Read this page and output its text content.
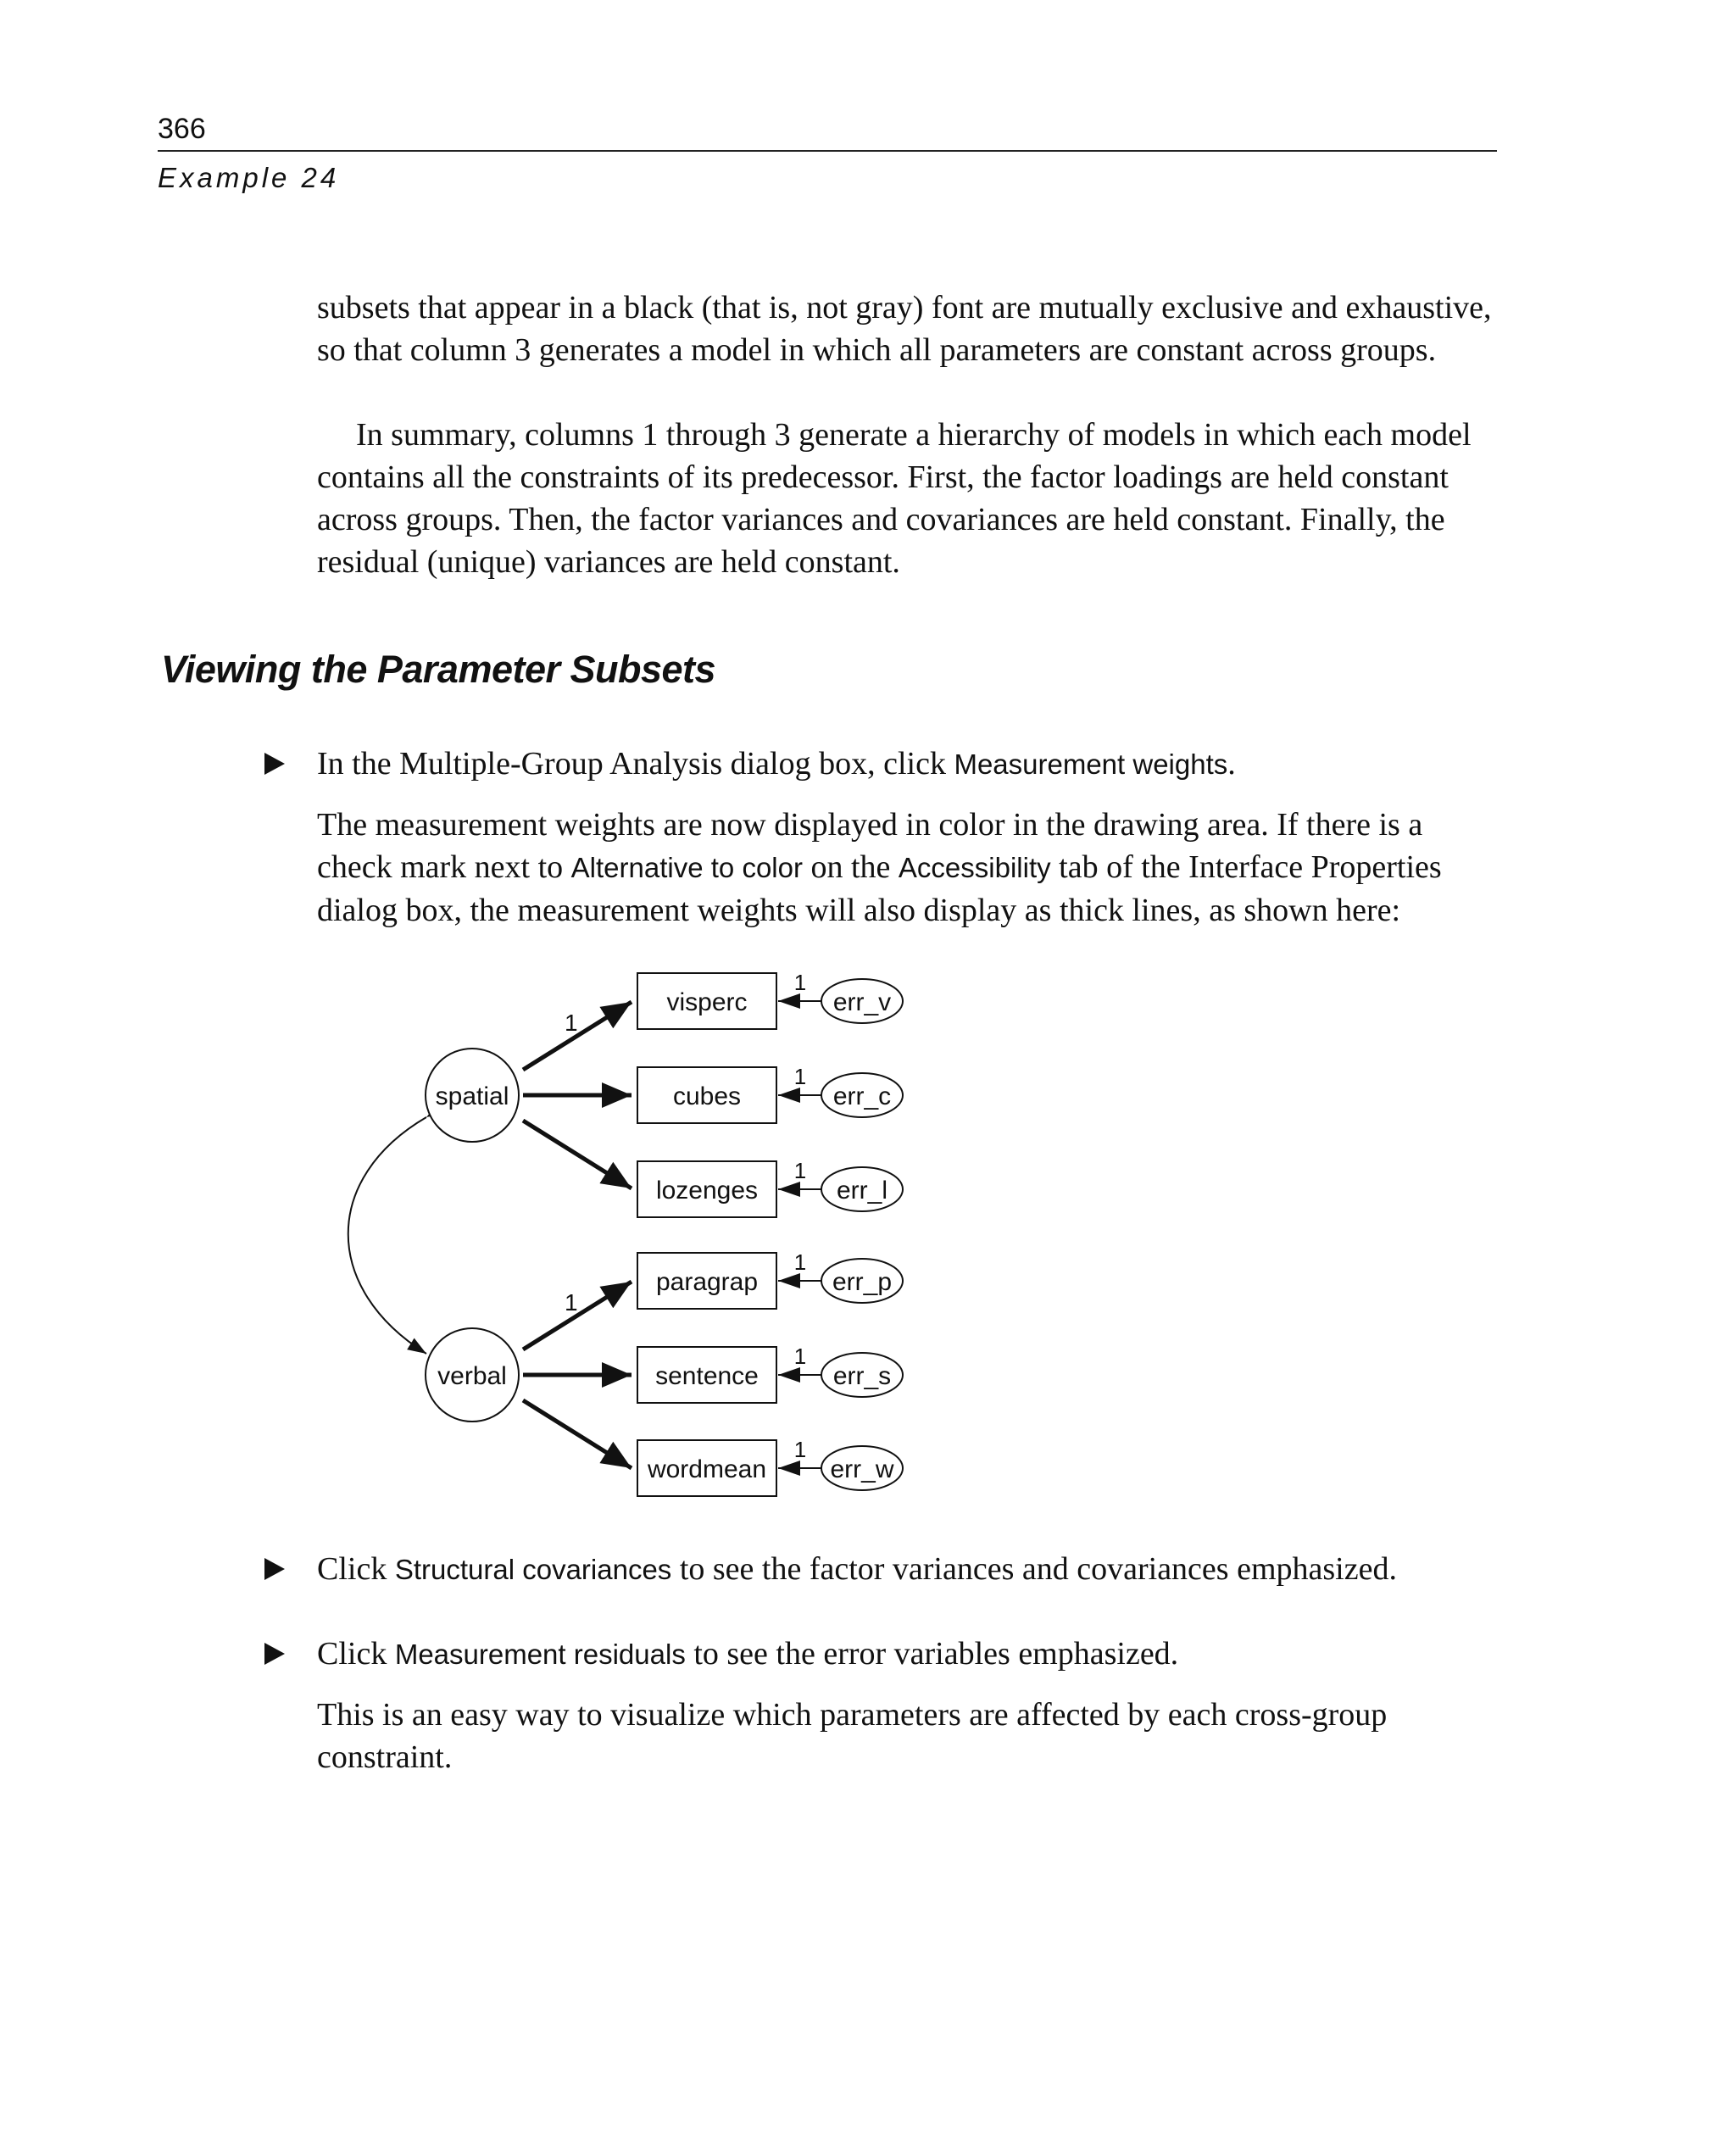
366
Example 24

subsets that appear in a black (that is, not gray) font are mutually exclusive and exhaustive, so that column 3 generates a model in which all parameters are constant across groups.

In summary, columns 1 through 3 generate a hierarchy of models in which each model contains all the constraints of its predecessor. First, the factor loadings are held constant across groups. Then, the factor variances and covariances are held constant. Finally, the residual (unique) variances are held constant.

Viewing the Parameter Subsets
In the Multiple-Group Analysis dialog box, click Measurement weights.

The measurement weights are now displayed in color in the drawing area. If there is a check mark next to Alternative to color on the Accessibility tab of the Interface Properties dialog box, the measurement weights will also display as thick lines, as shown here:

1
1
spatial
verbal
visperc
cubes
lozenges
paragrap
sentence
wordmean
1
1
1
1
1
1
err_v
err_c
err_l
err_p
err_s
err_w
Click Structural covariances to see the factor variances and covariances emphasized.
Click Measurement residuals to see the error variables emphasized.

This is an easy way to visualize which parameters are affected by each cross-group constraint.
